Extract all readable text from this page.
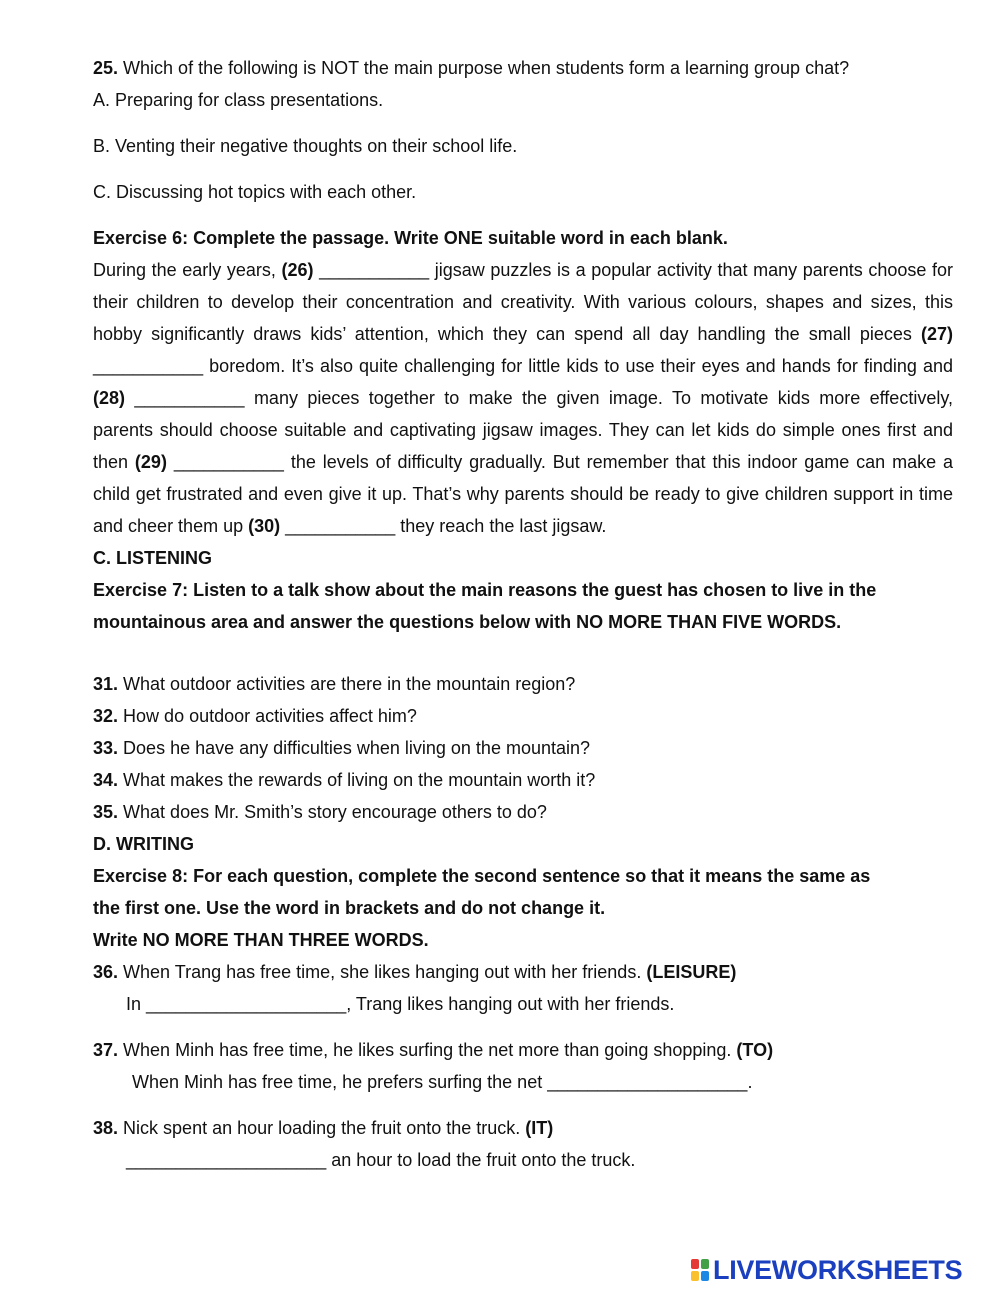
25. Which of the following is NOT the main purpose when students form a learning group chat?
A. Preparing for class presentations.
B. Venting their negative thoughts on their school life.
C. Discussing hot topics with each other.
Exercise 6: Complete the passage. Write ONE suitable word in each blank.
During the early years, (26) ___________ jigsaw puzzles is a popular activity that many parents choose for their children to develop their concentration and creativity. With various colours, shapes and sizes, this hobby significantly draws kids’ attention, which they can spend all day handling the small pieces (27) ___________ boredom. It’s also quite challenging for little kids to use their eyes and hands for finding and (28) ___________ many pieces together to make the given image. To motivate kids more effectively, parents should choose suitable and captivating jigsaw images. They can let kids do simple ones first and then (29) ___________ the levels of difficulty gradually. But remember that this indoor game can make a child get frustrated and even give it up. That’s why parents should be ready to give children support in time and cheer them up (30) ___________ they reach the last jigsaw.
C. LISTENING
Exercise 7: Listen to a talk show about the main reasons the guest has chosen to live in the
mountainous area and answer the questions below with NO MORE THAN FIVE WORDS.
31. What outdoor activities are there in the mountain region?
32. How do outdoor activities affect him?
33. Does he have any difficulties when living on the mountain?
34. What makes the rewards of living on the mountain worth it?
35. What does Mr. Smith’s story encourage others to do?
D. WRITING
Exercise 8: For each question, complete the second sentence so that it means the same as
the first one. Use the word in brackets and do not change it.
Write NO MORE THAN THREE WORDS.
36. When Trang has free time, she likes hanging out with her friends. (LEISURE)
In ____________________, Trang likes hanging out with her friends.
37. When Minh has free time, he likes surfing the net more than going shopping. (TO)
When Minh has free time, he prefers surfing the net ____________________.
38. Nick spent an hour loading the fruit onto the truck. (IT)
____________________ an hour to load the fruit onto the truck.
LIVEWORKSHEETS
